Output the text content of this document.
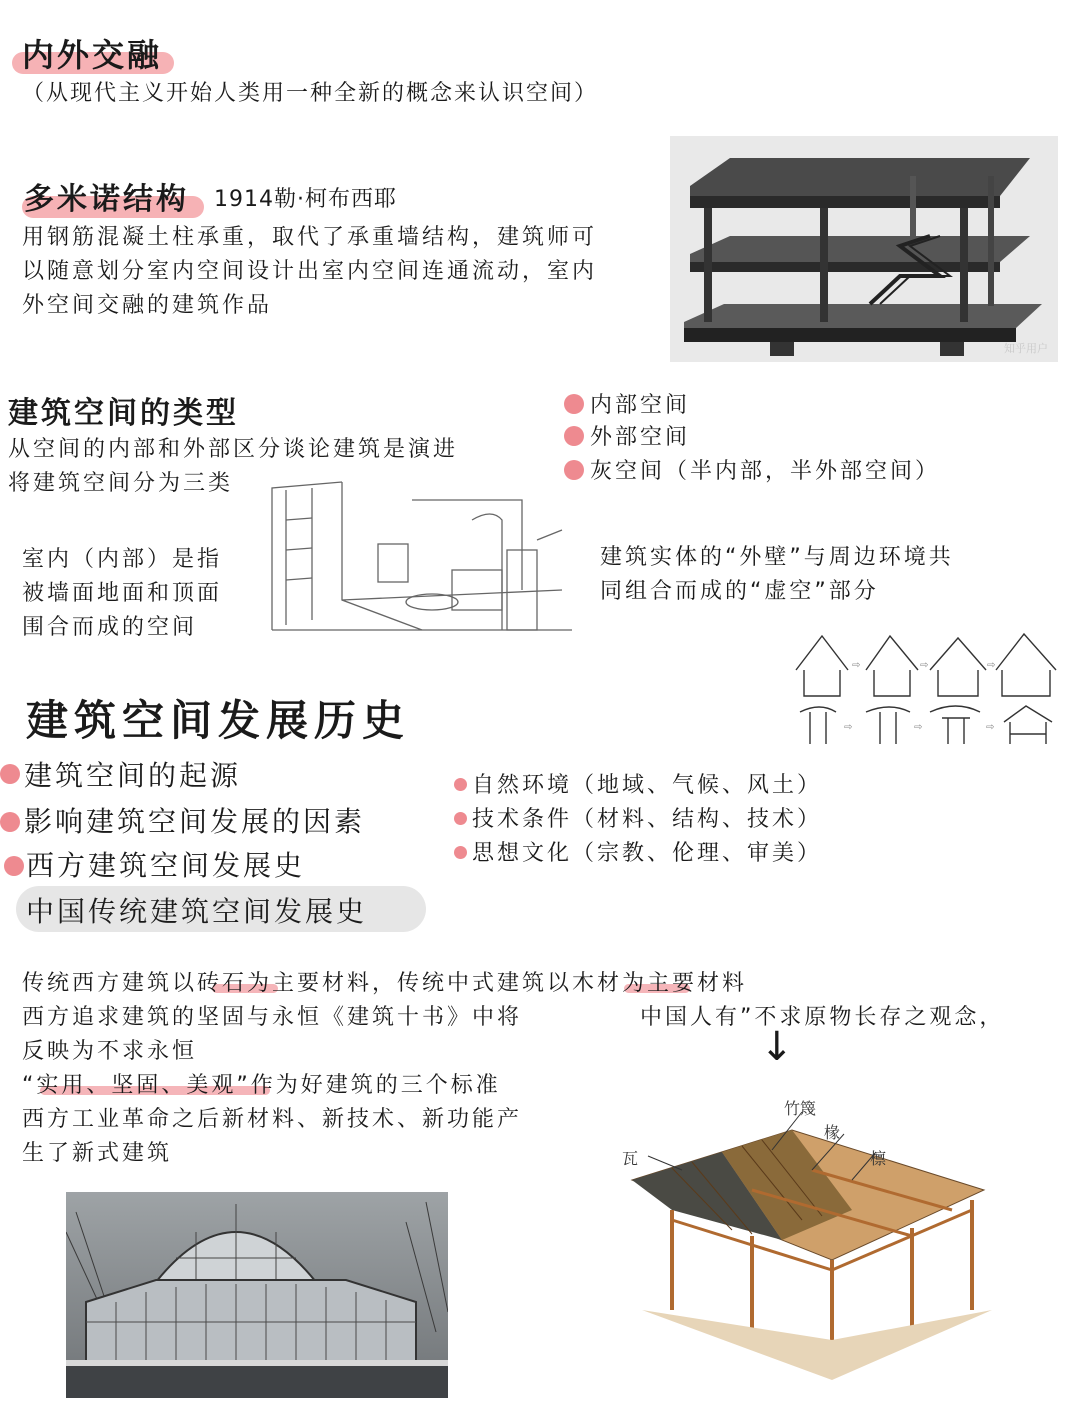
内外交融
（从现代主义开始人类用一种全新的概念来认识空间）
多米诺结构 1914勒·柯布西耶
用钢筋混凝土柱承重，取代了承重墙结构，建筑师可
以随意划分室内空间设计出室内空间连通流动，室内
外空间交融的建筑作品
知乎用户
建筑空间的类型
从空间的内部和外部区分谈论建筑是演进
将建筑空间分为三类
内部空间
外部空间
灰空间（半内部，半外部空间）
室内（内部）是指
被墙面地面和顶面
围合而成的空间
建筑实体的“外壁”与周边环境共
同组合而成的“虚空”部分
⇨	⇨	⇨
⇨	⇨	⇨
建筑空间发展历史
建筑空间的起源
影响建筑空间发展的因素
西方建筑空间发展史
中国传统建筑空间发展史
自然环境（地域、气候、风土）
技术条件（材料、结构、技术）
思想文化（宗教、伦理、审美）
传统西方建筑以砖石为主要材料，传统中式建筑以木材为主要材料
西方追求建筑的坚固与永恒《建筑十书》中将
反映为不求永恒
“实用、坚固、美观”作为好建筑的三个标准
西方工业革命之后新材料、新技术、新功能产
生了新式建筑
中国人有”不求原物长存之观念，
↓
竹篾
椽
檩
瓦
